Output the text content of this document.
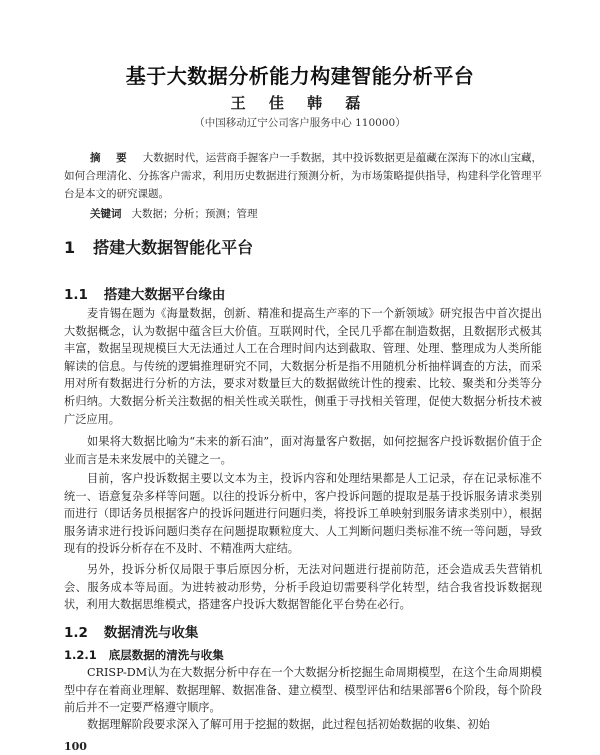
基于大数据分析能力构建智能分析平台
王 佳 韩 磊
（中国移动辽宁公司客户服务中心 110000）
摘 要 大数据时代，运营商手握客户一手数据，其中投诉数据更是蕴藏在深海下的冰山宝藏，如何合理清化、分拣客户需求，利用历史数据进行预测分析，为市场策略提供指导，构建科学化管理平台是本文的研究课题。
关键词 大数据；分析；预测；管理
1 搭建大数据智能化平台
1.1 搭建大数据平台缘由

麦肯锡在题为《海量数据，创新、精准和提高生产率的下一个新领域》研究报告中首次提出大数据概念，认为数据中蕴含巨大价值。互联网时代，全民几乎都在制造数据，且数据形式极其丰富，数据呈现规模巨大无法通过人工在合理时间内达到截取、管理、处理、整理成为人类所能解读的信息。与传统的逻辑推理研究不同，大数据分析是指不用随机分析抽样调查的方法，而采用对所有数据进行分析的方法，要求对数量巨大的数据做统计性的搜索、比较、聚类和分类等分析归纳。大数据分析关注数据的相关性或关联性，侧重于寻找相关管理，促使大数据分析技术被广泛应用。

如果将大数据比喻为“未来的新石油”，面对海量客户数据，如何挖掘客户投诉数据价值于企业而言是未来发展中的关键之一。

目前，客户投诉数据主要以文本为主，投诉内容和处理结果都是人工记录，存在记录标准不统一、语意复杂多样等问题。以往的投诉分析中，客户投诉问题的提取是基于投诉服务请求类别而进行（即话务员根据客户的投诉问题进行问题归类，将投诉工单映射到服务请求类别中），根据服务请求进行投诉问题归类存在问题提取颗粒度大、人工判断问题归类标准不统一等问题，导致现有的投诉分析存在不及时、不精准两大症结。

另外，投诉分析仅局限于事后原因分析，无法对问题进行提前防范，还会造成丢失营销机会、服务成本等局面。为进转被动形势，分析手段迫切需要科学化转型，结合我省投诉数据现状，利用大数据思维模式，搭建客户投诉大数据智能化平台势在必行。

1.2 数据清洗与收集
1.2.1 底层数据的清洗与收集

CRISP-DM认为在大数据分析中存在一个大数据分析挖掘生命周期模型，在这个生命周期模型中存在着商业理解、数据理解、数据准备、建立模型、模型评估和结果部署6个阶段，每个阶段前后并不一定要严格遵守顺序。

数据理解阶段要求深入了解可用于挖掘的数据，此过程包括初始数据的收集、初始

100
